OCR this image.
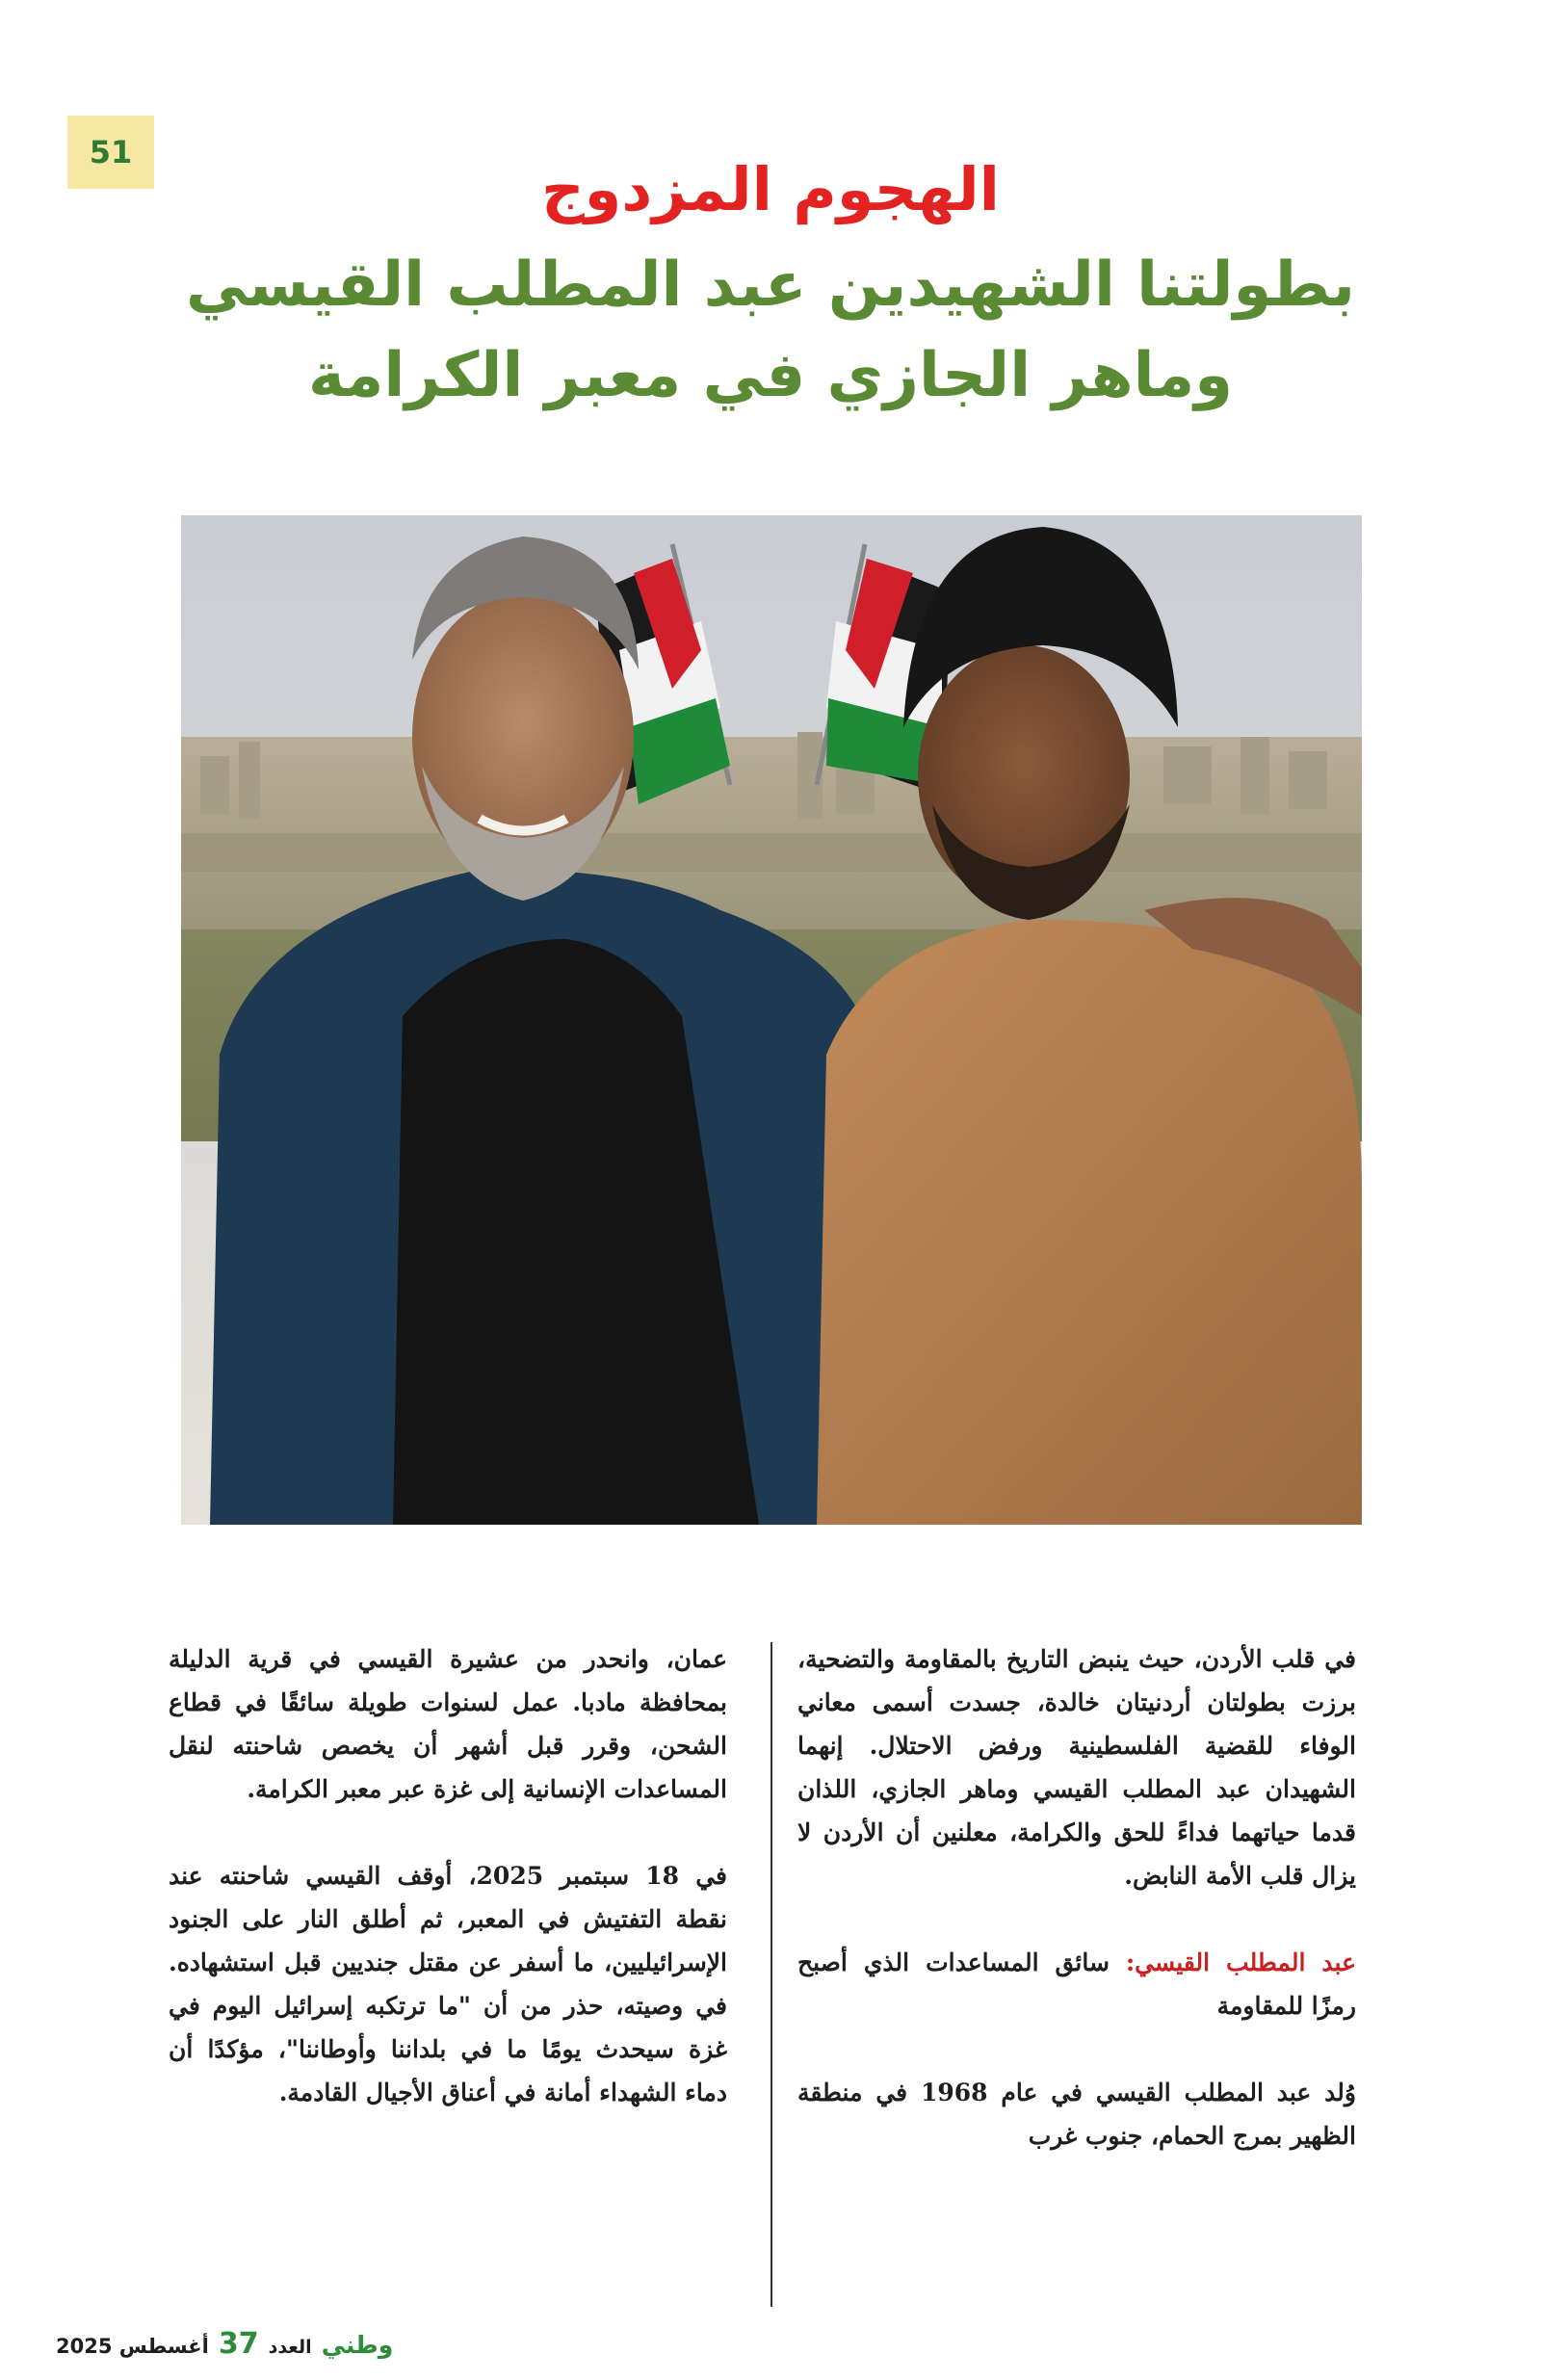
51
الهجوم المزدوج
بطولتنا الشهيدين عبد المطلب القيسي
وماهر الجازي في معبر الكرامة

في قلب الأردن، حيث ينبض التاريخ بالمقاومة والتضحية، برزت بطولتان أردنيتان خالدة، جسدت أسمى معاني الوفاء للقضية الفلسطينية ورفض الاحتلال. إنهما الشهيدان عبد المطلب القيسي وماهر الجازي، اللذان قدما حياتهما فداءً للحق والكرامة، معلنين أن الأردن لا يزال قلب الأمة النابض.

عبد المطلب القيسي: سائق المساعدات الذي أصبح رمزًا للمقاومة

وُلد عبد المطلب القيسي في عام 1968 في منطقة الظهير بمرج الحمام، جنوب غرب

عمان، وانحدر من عشيرة القيسي في قرية الدليلة بمحافظة مادبا. عمل لسنوات طويلة سائقًا في قطاع الشحن، وقرر قبل أشهر أن يخصص شاحنته لنقل المساعدات الإنسانية إلى غزة عبر معبر الكرامة.

في 18 سبتمبر 2025، أوقف القيسي شاحنته عند نقطة التفتيش في المعبر، ثم أطلق النار على الجنود الإسرائيليين، ما أسفر عن مقتل جنديين قبل استشهاده. في وصيته، حذر من أن "ما ترتكبه إسرائيل اليوم في غزة سيحدث يومًا ما في بلداننا وأوطاننا"، مؤكدًا أن دماء الشهداء أمانة في أعناق الأجيال القادمة.

وطني
العدد
37
أغسطس 2025
